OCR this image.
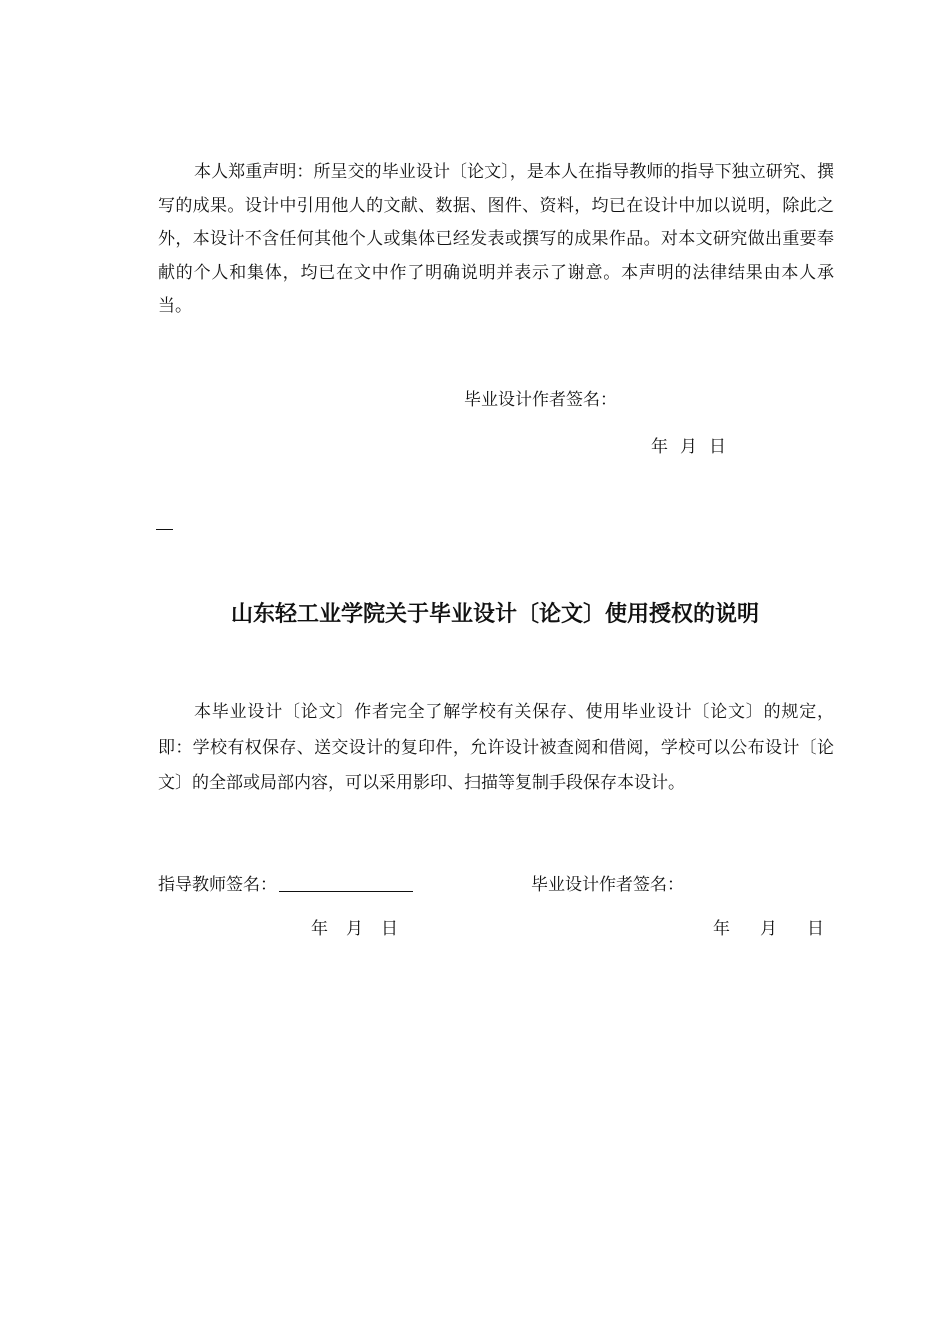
本人郑重声明：所呈交的毕业设计〔论文〕，是本人在指导教师的指导下独立研究、撰写的成果。设计中引用他人的文献、数据、图件、资料，均已在设计中加以说明，除此之外，本设计不含任何其他个人或集体已经发表或撰写的成果作品。对本文研究做出重要奉献的个人和集体，均已在文中作了明确说明并表示了谢意。本声明的法律结果由本人承当。

毕业设计作者签名：
年 月 日
山东轻工业学院关于毕业设计〔论文〕使用授权的说明

本毕业设计〔论文〕作者完全了解学校有关保存、使用毕业设计〔论文〕的规定，即：学校有权保存、送交设计的复印件，允许设计被查阅和借阅，学校可以公布设计〔论文〕的全部或局部内容，可以采用影印、扫描等复制手段保存本设计。

指导教师签名：	毕业设计作者签名：
年 月 日	年 月 日
